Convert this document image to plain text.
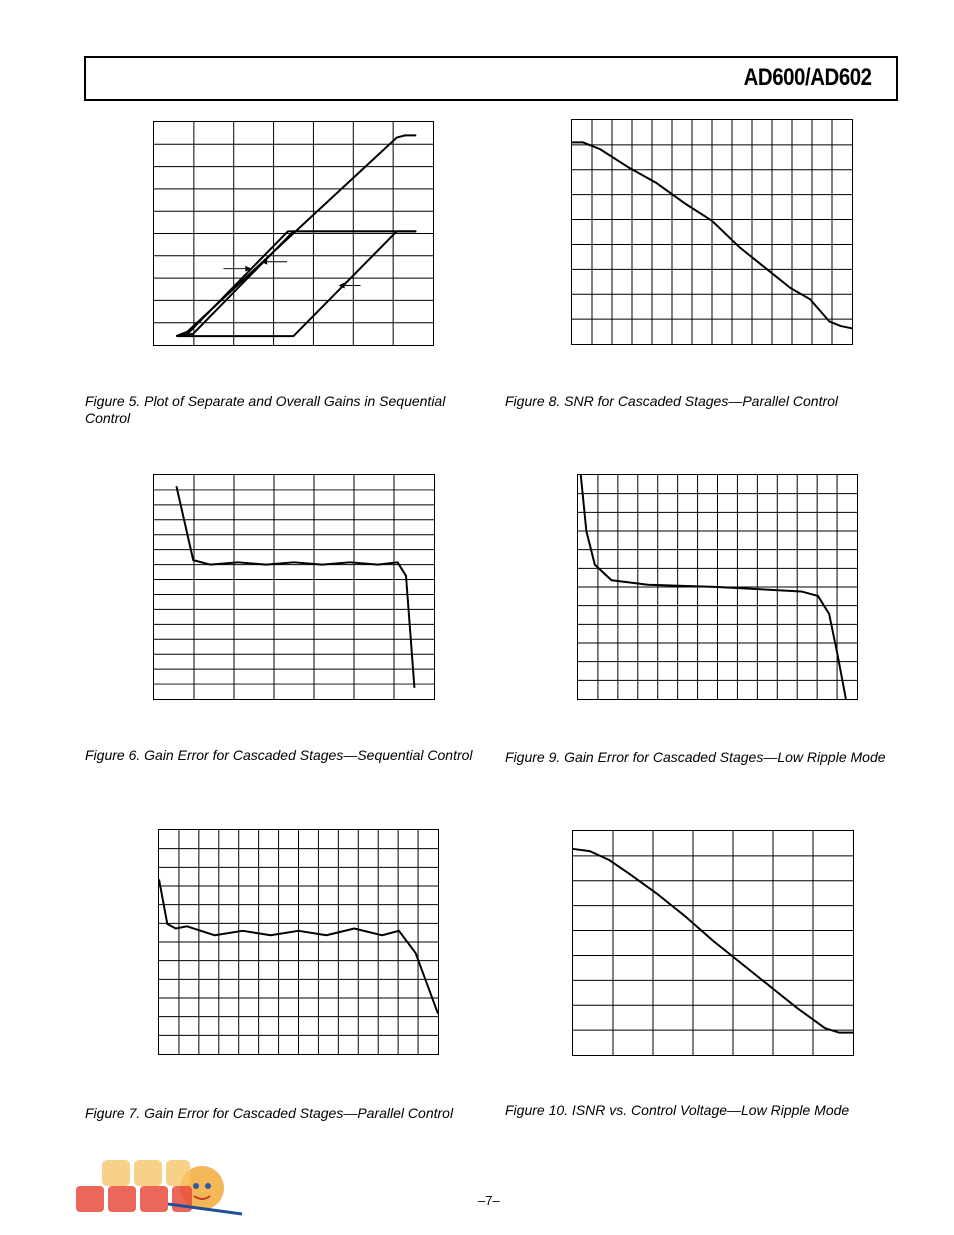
AD600/AD602
Figure 5. Plot of Separate and Overall Gains in Sequential Control
Figure 8. SNR for Cascaded Stages—Parallel Control
Figure 6. Gain Error for Cascaded Stages—Sequential Control	Figure 9. Gain Error for Cascaded Stages—Low Ripple Mode
Figure 7. Gain Error for Cascaded Stages—Parallel Control	Figure 10. ISNR vs. Control Voltage—Low Ripple Mode
–7–
